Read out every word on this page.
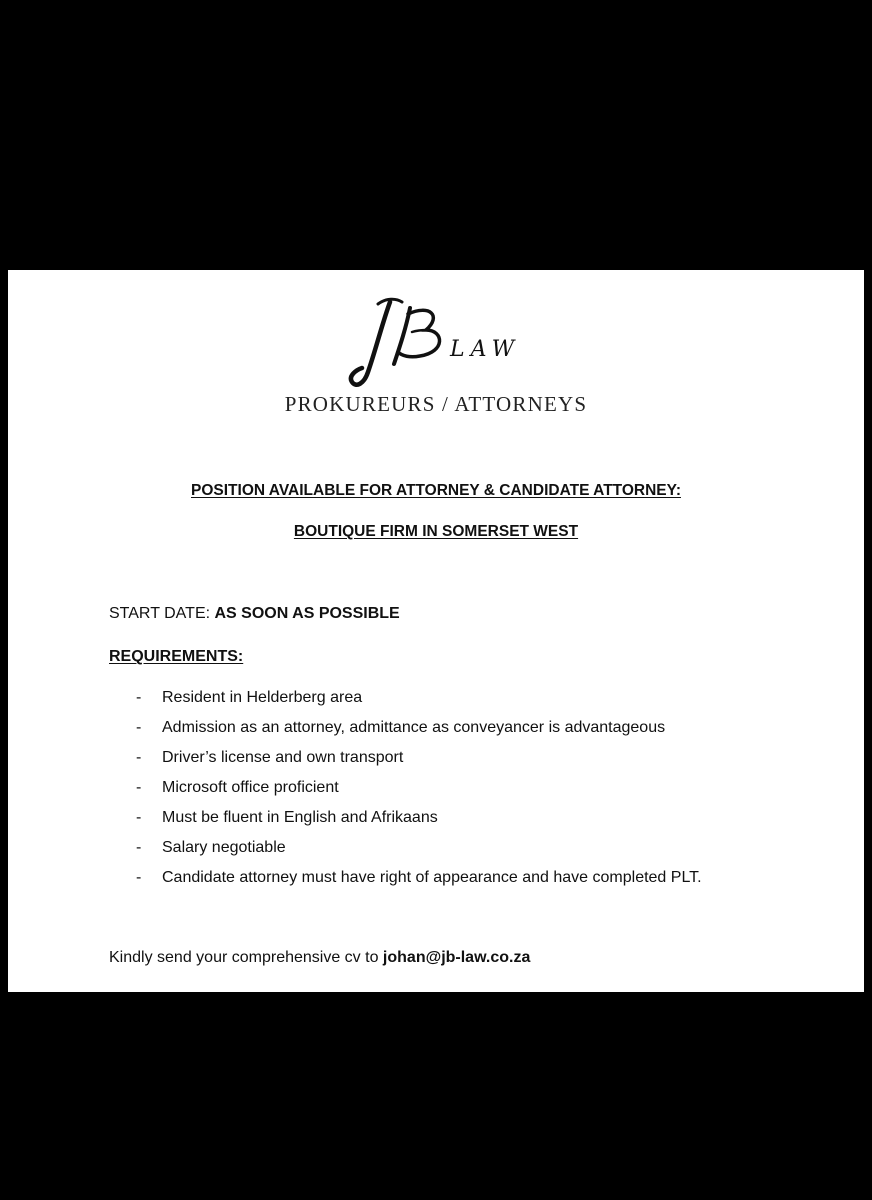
LAW
PROKUREURS / ATTORNEYS
POSITION AVAILABLE FOR ATTORNEY & CANDIDATE ATTORNEY:
BOUTIQUE FIRM IN SOMERSET WEST
START DATE: AS SOON AS POSSIBLE
REQUIREMENTS:
- Resident in Helderberg area
- Admission as an attorney, admittance as conveyancer is advantageous
- Driver’s license and own transport
- Microsoft office proficient
- Must be fluent in English and Afrikaans
- Salary negotiable
- Candidate attorney must have right of appearance and have completed PLT.
Kindly send your comprehensive cv to johan@jb-law.co.za
